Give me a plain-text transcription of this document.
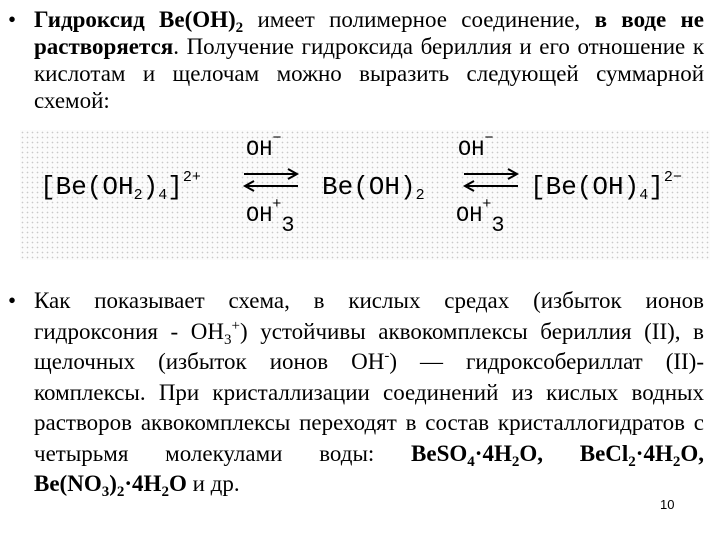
• Гидроксид $Be(OH)_2$ имеет полимерное соединение, в воде не растворяется. Получение гидроксида бериллия и его отношение к кислотам и щелочам можно выразить следующей суммарной схемой:
$[Be(OH_2)_4]^{2+}$
OH−
OH+3
$Be(OH)_2$
OH−
OH+3
$[Be(OH)_4]^{2-}$
• Как показывает схема, в кислых средах (избыток ионов гидроксония - $OH_3^+$) устойчивы аквокомплексы бериллия (II), в щелочных (избыток ионов OH-) — гидроксобериллат (II)-комплексы. При кристаллизации соединений из кислых водных растворов аквокомплексы переходят в состав кристаллогидратов с четырьмя молекулами воды: $BeSO_4\cdot 4H_2O$, $BeCl_2\cdot 4H_2O$, $Be(NO_3)_2\cdot 4H_2O$ и др.
10
